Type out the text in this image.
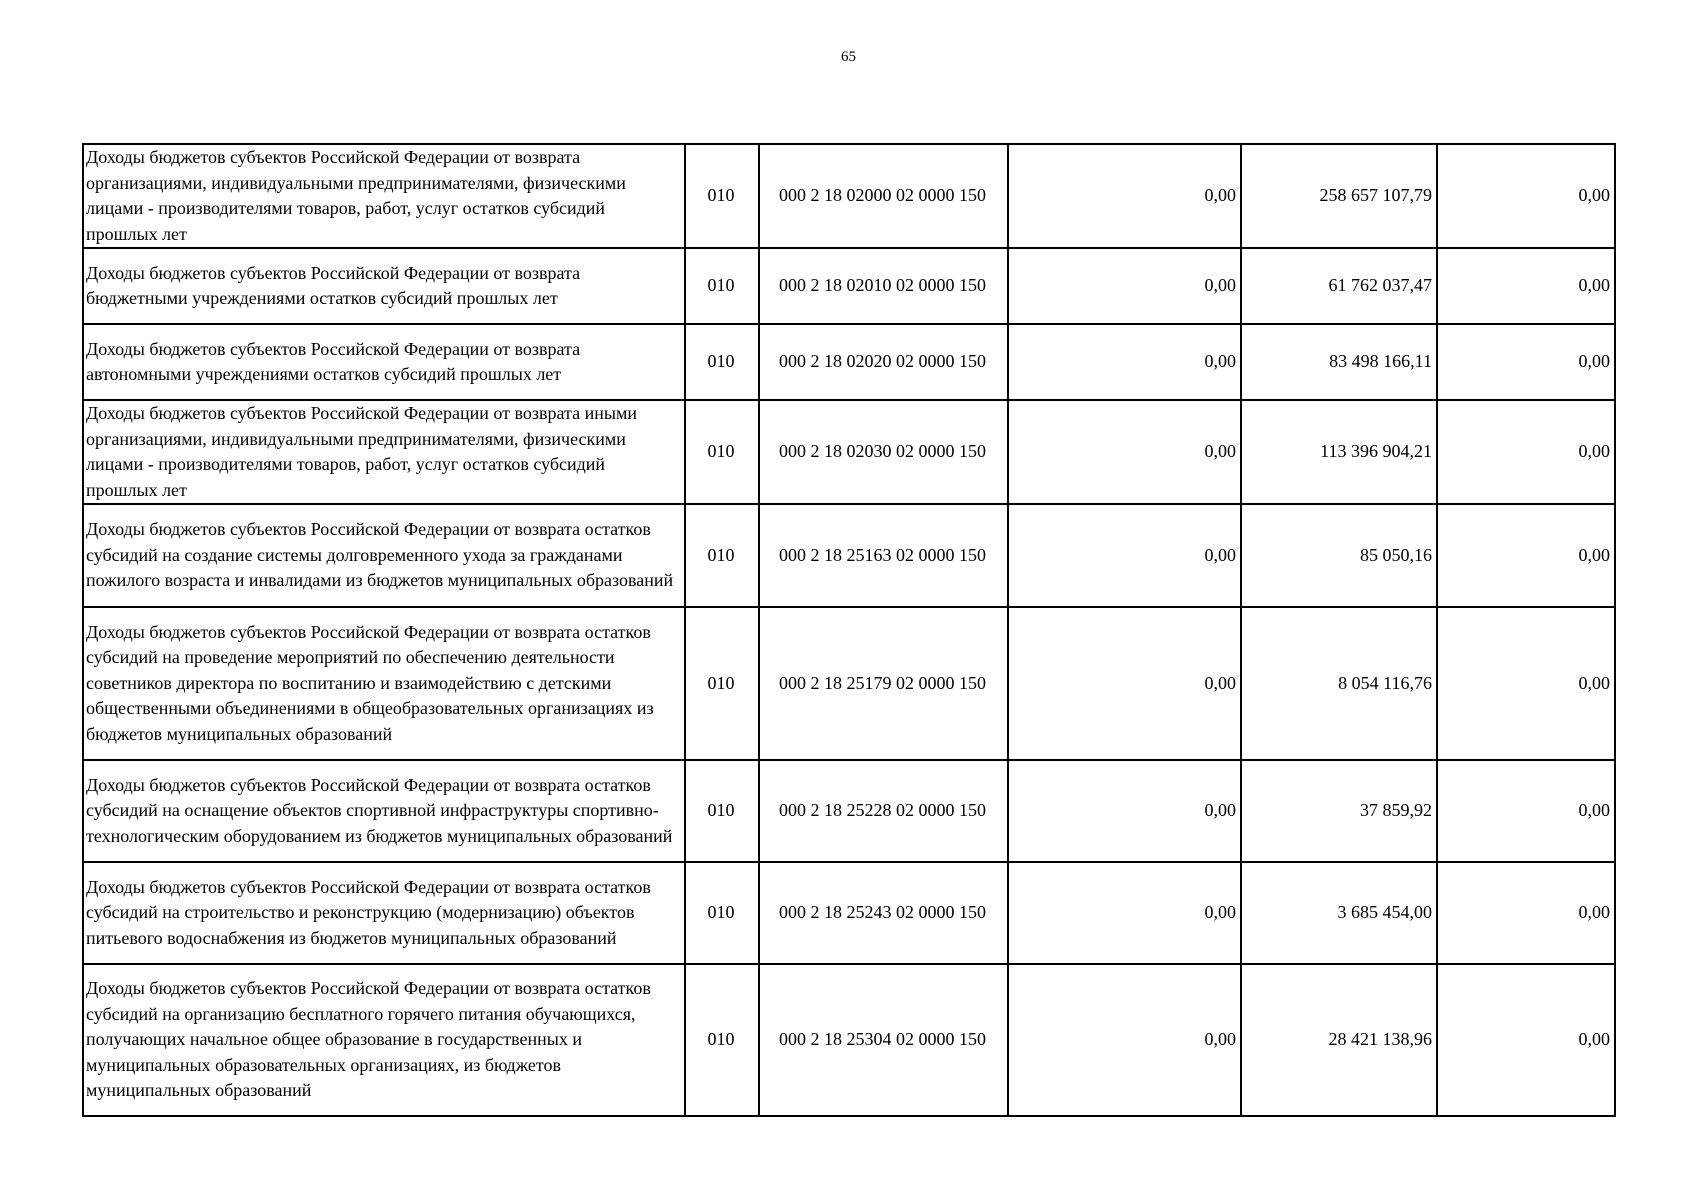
65
Доходы бюджетов субъектов Российской Федерации от возврата организациями, индивидуальными предпринимателями, физическими лицами - производителями товаров, работ, услуг остатков субсидий прошлых лет	010	000 2 18 02000 02 0000 150	0,00	258 657 107,79	0,00
Доходы бюджетов субъектов Российской Федерации от возврата бюджетными учреждениями остатков субсидий прошлых лет	010	000 2 18 02010 02 0000 150	0,00	61 762 037,47	0,00
Доходы бюджетов субъектов Российской Федерации от возврата автономными учреждениями остатков субсидий прошлых лет	010	000 2 18 02020 02 0000 150	0,00	83 498 166,11	0,00
Доходы бюджетов субъектов Российской Федерации от возврата иными организациями, индивидуальными предпринимателями, физическими лицами - производителями товаров, работ, услуг остатков субсидий прошлых лет	010	000 2 18 02030 02 0000 150	0,00	113 396 904,21	0,00
Доходы бюджетов субъектов Российской Федерации от возврата остатков субсидий на создание системы долговременного ухода за гражданами пожилого возраста и инвалидами из бюджетов муниципальных образований	010	000 2 18 25163 02 0000 150	0,00	85 050,16	0,00
Доходы бюджетов субъектов Российской Федерации от возврата остатков субсидий на проведение мероприятий по обеспечению деятельности советников директора по воспитанию и взаимодействию с детскими общественными объединениями в общеобразовательных организациях из бюджетов муниципальных образований	010	000 2 18 25179 02 0000 150	0,00	8 054 116,76	0,00
Доходы бюджетов субъектов Российской Федерации от возврата остатков субсидий на оснащение объектов спортивной инфраструктуры спортивно-технологическим оборудованием из бюджетов муниципальных образований	010	000 2 18 25228 02 0000 150	0,00	37 859,92	0,00
Доходы бюджетов субъектов Российской Федерации от возврата остатков субсидий на строительство и реконструкцию (модернизацию) объектов питьевого водоснабжения из бюджетов муниципальных образований	010	000 2 18 25243 02 0000 150	0,00	3 685 454,00	0,00
Доходы бюджетов субъектов Российской Федерации от возврата остатков субсидий на организацию бесплатного горячего питания обучающихся, получающих начальное общее образование в государственных и муниципальных образовательных организациях, из бюджетов муниципальных образований	010	000 2 18 25304 02 0000 150	0,00	28 421 138,96	0,00
